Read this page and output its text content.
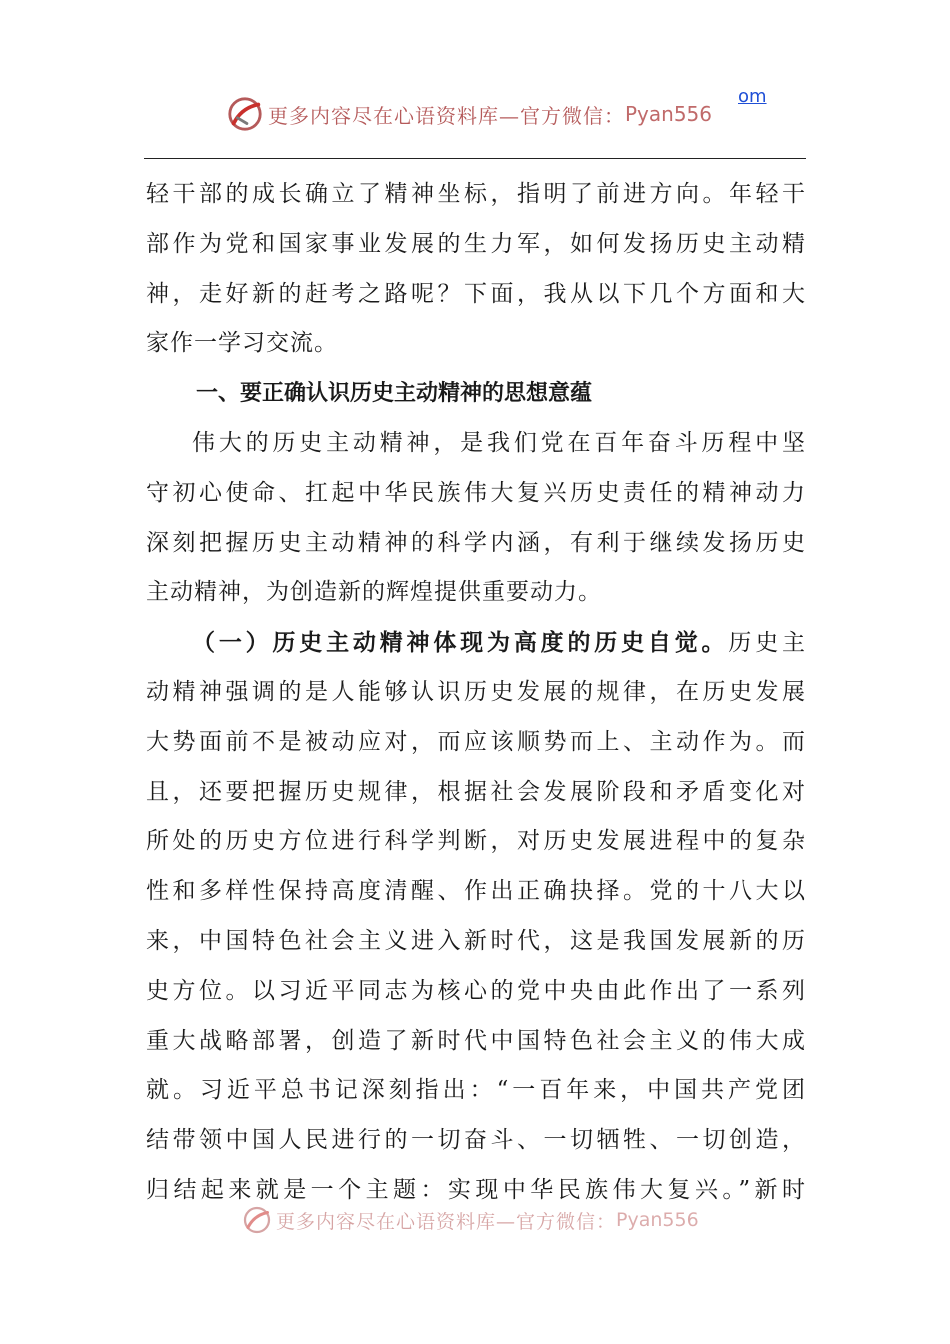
更多内容尽在心语资料库—官方微信： Pyan556
om
轻干部的成长确立了精神坐标，指明了前进方向。年轻干
部作为党和国家事业发展的生力军，如何发扬历史主动精
神，走好新的赶考之路呢？下面，我从以下几个方面和大
家作一学习交流。
一、要正确认识历史主动精神的思想意蕴
伟大的历史主动精神，是我们党在百年奋斗历程中坚
守初心使命、扛起中华民族伟大复兴历史责任的精神动力
深刻把握历史主动精神的科学内涵，有利于继续发扬历史
主动精神，为创造新的辉煌提供重要动力。
（一）历史主动精神体现为高度的历史自觉。历史主
动精神强调的是人能够认识历史发展的规律，在历史发展
大势面前不是被动应对，而应该顺势而上、主动作为。而
且，还要把握历史规律，根据社会发展阶段和矛盾变化对
所处的历史方位进行科学判断，对历史发展进程中的复杂
性和多样性保持高度清醒、作出正确抉择。党的十八大以
来，中国特色社会主义进入新时代，这是我国发展新的历
史方位。以习近平同志为核心的党中央由此作出了一系列
重大战略部署，创造了新时代中国特色社会主义的伟大成
就。习近平总书记深刻指出：“一百年来，中国共产党团
结带领中国人民进行的一切奋斗、一切牺牲、一切创造，
归结起来就是一个主题：实现中华民族伟大复兴。”新时
更多内容尽在心语资料库—官方微信： Pyan556
